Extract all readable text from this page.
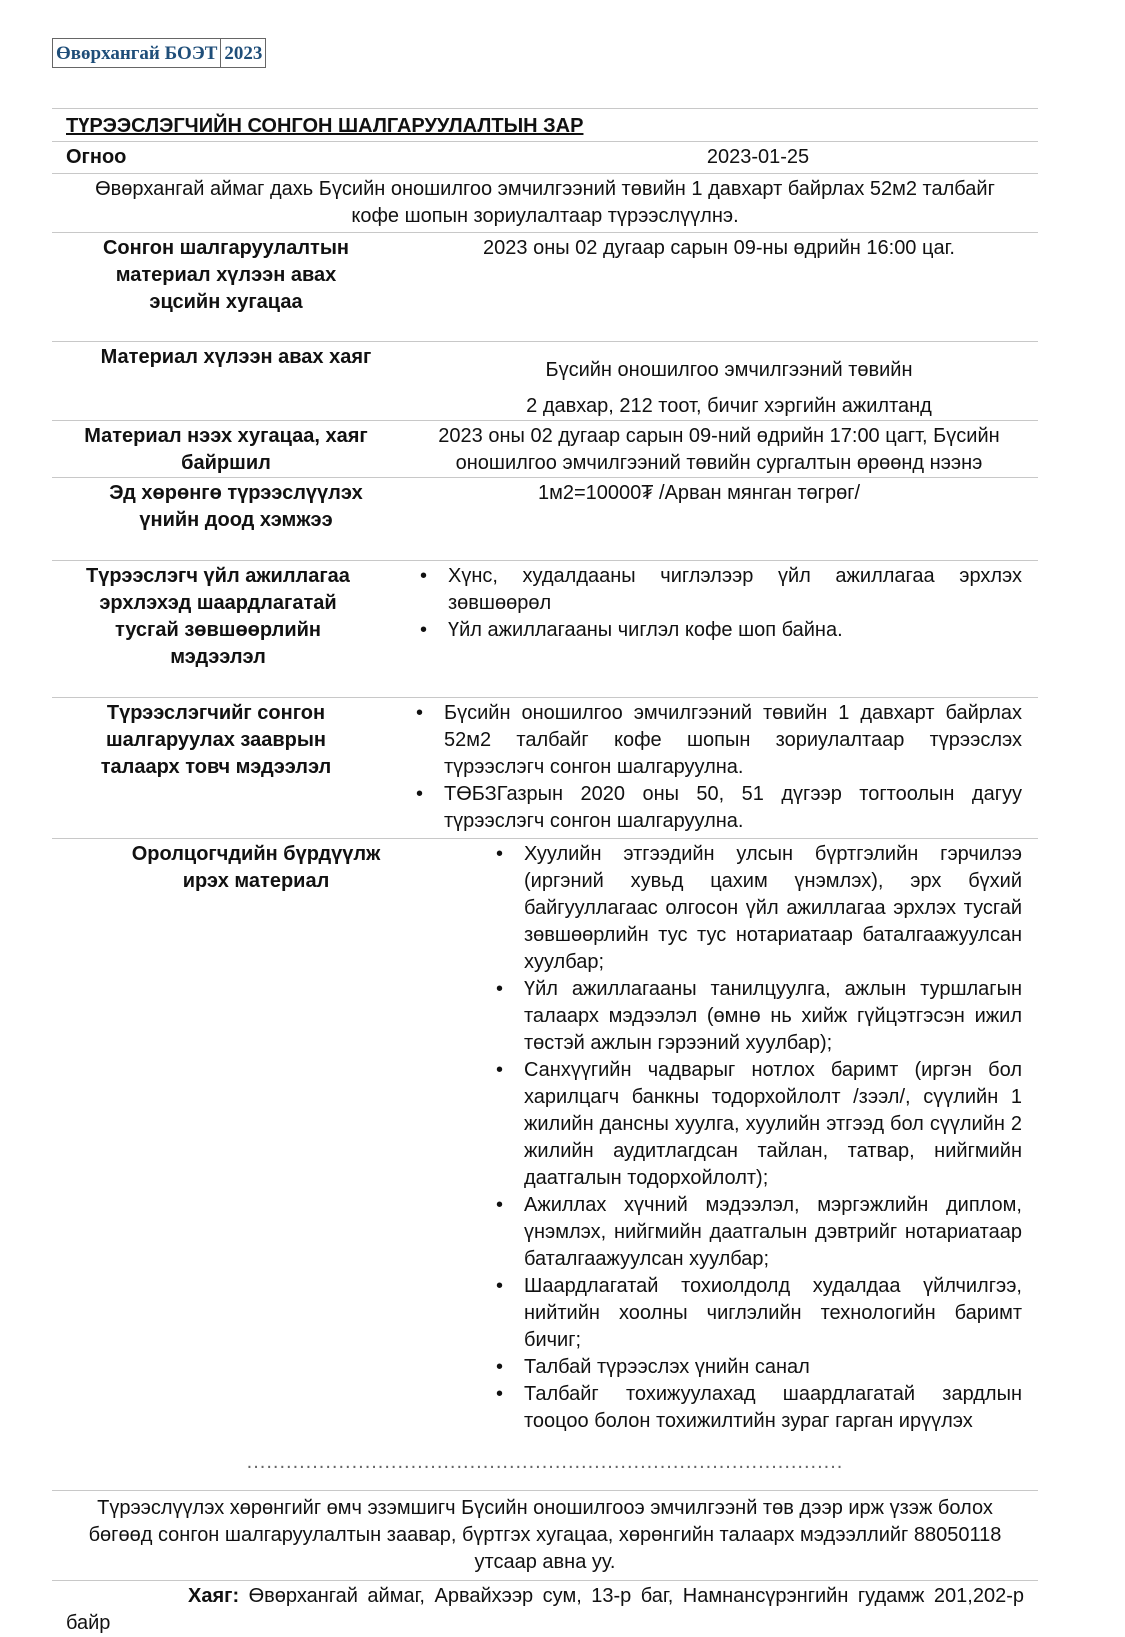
Өвөрхангай БОЭТ 2023
ТҮРЭЭСЛЭГЧИЙН СОНГОН ШАЛГАРУУЛАЛТЫН ЗАР
Огноо	2023-01-25
Өвөрхангай аймаг дахь Бүсийн оношилгоо эмчилгээний төвийн 1 давхарт байрлах 52м2 талбайг кофе шопын зориулалтаар түрээслүүлнэ.
Сонгон шалгаруулалтын материал хүлээн авах эцсийн хугацаа
2023 оны 02 дугаар сарын 09-ны өдрийн 16:00 цаг.
Материал хүлээн авах хаяг
Бүсийн оношилгоо эмчилгээний төвийн
2 давхар, 212 тоот, бичиг хэргийн ажилтанд
Материал нээх хугацаа, хаяг байршил
2023 оны 02 дугаар сарын 09-ний өдрийн 17:00 цагт, Бүсийн оношилгоо эмчилгээний төвийн сургалтын өрөөнд нээнэ
Эд хөрөнгө түрээслүүлэх үнийн доод хэмжээ
1м2=10000₮ /Арван мянган төгрөг/
Түрээслэгч үйл ажиллагаа эрхлэхэд шаардлагатай тусгай зөвшөөрлийн мэдээлэл
• Хүнс, худалдааны чиглэлээр үйл ажиллагаа эрхлэх зөвшөөрөл
• Үйл ажиллагааны чиглэл кофе шоп байна.
Түрээслэгчийг сонгон шалгаруулах зааврын талаарх товч мэдээлэл
• Бүсийн оношилгоо эмчилгээний төвийн 1 давхарт байрлах 52м2 талбайг кофе шопын зориулалтаар түрээслэх түрээслэгч сонгон шалгаруулна.
• ТӨБЗГазрын 2020 оны 50, 51 дүгээр тогтоолын дагуу түрээслэгч сонгон шалгаруулна.
Оролцогчдийн бүрдүүлж ирэх материал
• Хуулийн этгээдийн улсын бүртгэлийн гэрчилээ (иргэний хувьд цахим үнэмлэх), эрх бүхий байгууллагаас олгосон үйл ажиллагаа эрхлэх тусгай зөвшөөрлийн тус тус нотариатаар баталгаажуулсан хуулбар;
• Үйл ажиллагааны танилцуулга, ажлын туршлагын талаарх мэдээлэл (өмнө нь хийж гүйцэтгэсэн ижил төстэй ажлын гэрээний хуулбар);
• Санхүүгийн чадварыг нотлох баримт (иргэн бол харилцагч банкны тодорхойлолт /зээл/, сүүлийн 1 жилийн дансны хуулга, хуулийн этгээд бол сүүлийн 2 жилийн аудитлагдсан тайлан, татвар, нийгмийн даатгалын тодорхойлолт);
• Ажиллах хүчний мэдээлэл, мэргэжлийн диплом, үнэмлэх, нийгмийн даатгалын дэвтрийг нотариатаар баталгаажуулсан хуулбар;
• Шаардлагатай тохиолдолд худалдаа үйлчилгээ, нийтийн хоолны чиглэлийн технологийн баримт бичиг;
• Талбай түрээслэх үнийн санал
• Талбайг тохижуулахад шаардлагатай зардлын тооцоо болон тохижилтийн зураг гарган ирүүлэх
...........................................................................................
Түрээслүүлэх хөрөнгийг өмч эзэмшигч Бүсийн оношилгооэ эмчилгээнй төв дээр ирж үзэж болох бөгөөд сонгон шалгаруулалтын заавар, бүртгэх хугацаа, хөрөнгийн талаарх мэдээллийг 88050118 утсаар авна уу.
Хаяг: Өвөрхангай аймаг, Арвайхээр сум, 13-р баг, Намнансүрэнгийн гудамж 201,202-р байр
